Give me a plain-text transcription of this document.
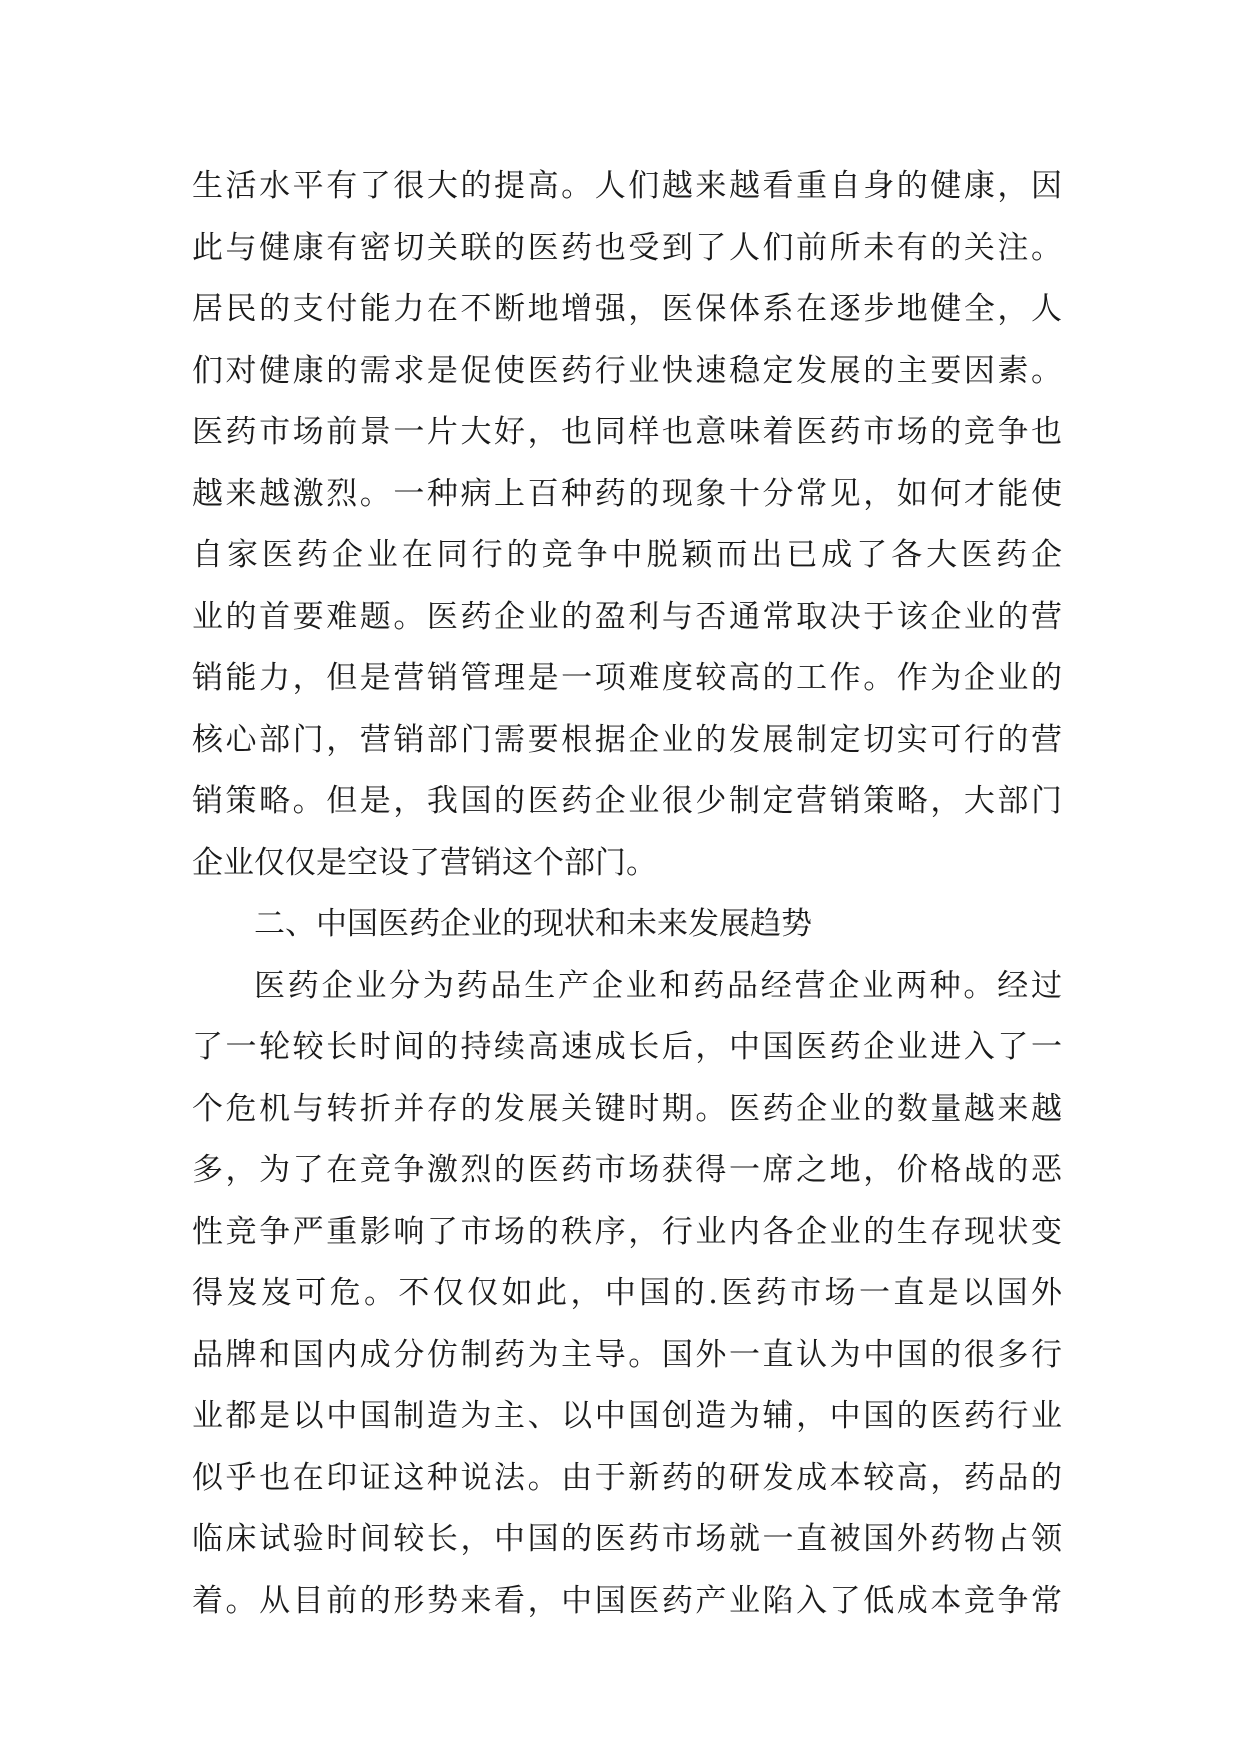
生活水平有了很大的提高。人们越来越看重自身的健康，因
此与健康有密切关联的医药也受到了人们前所未有的关注。
居民的支付能力在不断地增强，医保体系在逐步地健全，人
们对健康的需求是促使医药行业快速稳定发展的主要因素。
医药市场前景一片大好，也同样也意味着医药市场的竞争也
越来越激烈。一种病上百种药的现象十分常见，如何才能使
自家医药企业在同行的竞争中脱颖而出已成了各大医药企
业的首要难题。医药企业的盈利与否通常取决于该企业的营
销能力，但是营销管理是一项难度较高的工作。作为企业的
核心部门，营销部门需要根据企业的发展制定切实可行的营
销策略。但是，我国的医药企业很少制定营销策略，大部门
企业仅仅是空设了营销这个部门。
二、中国医药企业的现状和未来发展趋势
医药企业分为药品生产企业和药品经营企业两种。经过
了一轮较长时间的持续高速成长后，中国医药企业进入了一
个危机与转折并存的发展关键时期。医药企业的数量越来越
多，为了在竞争激烈的医药市场获得一席之地，价格战的恶
性竞争严重影响了市场的秩序，行业内各企业的生存现状变
得岌岌可危。不仅仅如此，中国的.医药市场一直是以国外
品牌和国内成分仿制药为主导。国外一直认为中国的很多行
业都是以中国制造为主、以中国创造为辅，中国的医药行业
似乎也在印证这种说法。由于新药的研发成本较高，药品的
临床试验时间较长，中国的医药市场就一直被国外药物占领
着。从目前的形势来看，中国医药产业陷入了低成本竞争常
